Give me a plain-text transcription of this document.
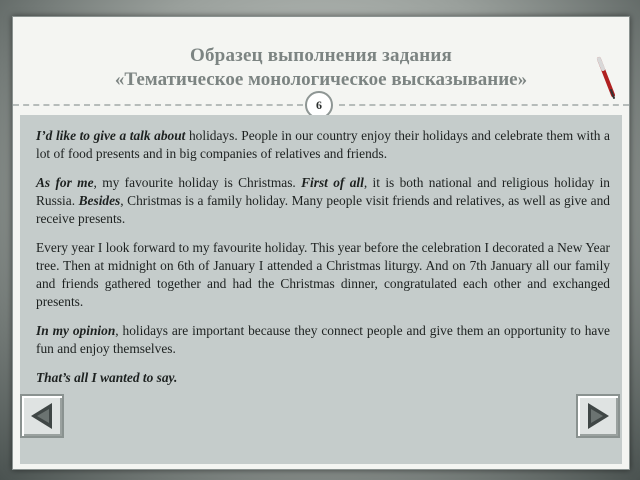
Образец выполнения задания
«Тематическое монологическое высказывание»
6

I’d like to give a talk about holidays. People in our country enjoy their holidays and celebrate them with a lot of food presents and in big companies of relatives and friends.

As for me, my favourite holiday is Christmas. First of all, it is both national and religious holiday in Russia. Besides, Christmas is a family holiday. Many people visit friends and relatives, as well as give and receive presents.

Every year I look forward to my favourite holiday. This year before the celebration I decorated a New Year tree. Then at midnight on 6th of January I attended a Christmas liturgy. And on 7th January all our family and friends gathered together and had the Christmas dinner, congratulated each other and exchanged presents.

In my opinion, holidays are important because they connect people and give them an opportunity to have fun and enjoy themselves.

That’s all I wanted to say.
